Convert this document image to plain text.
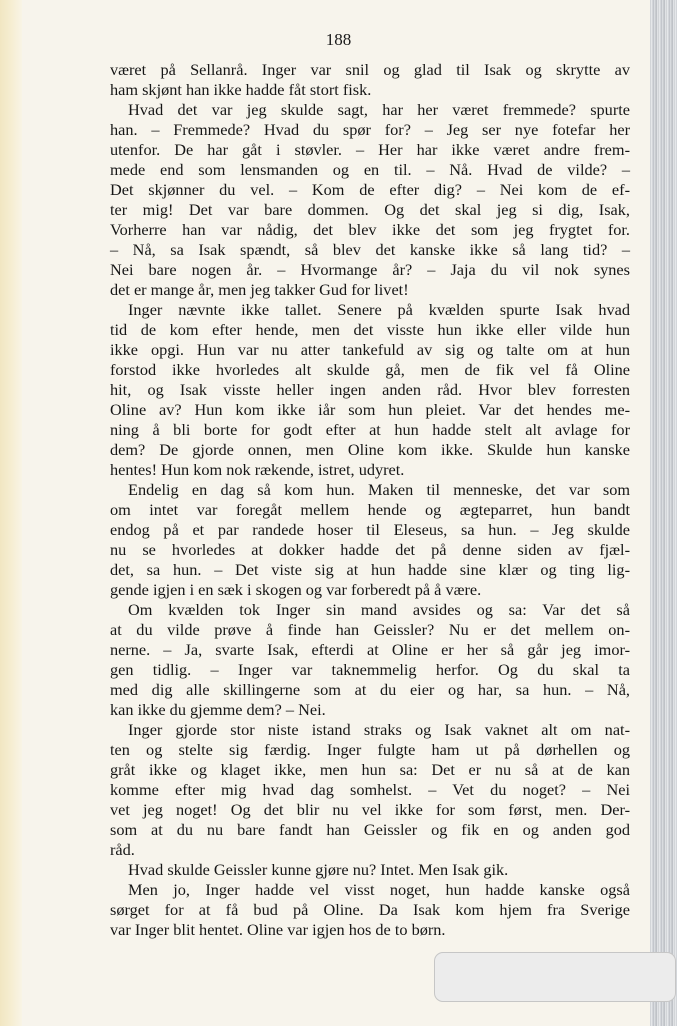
188

været på Sellanrå. Inger var snil og glad til Isak og skrytte av
ham skjønt han ikke hadde fåt stort fisk.
Hvad det var jeg skulde sagt, har her været fremmede? spurte
han. – Fremmede? Hvad du spør for? – Jeg ser nye fotefar her
utenfor. De har gåt i støvler. – Her har ikke været andre frem-
mede end som lensmanden og en til. – Nå. Hvad de vilde? –
Det skjønner du vel. – Kom de efter dig? – Nei kom de ef-
ter mig! Det var bare dommen. Og det skal jeg si dig, Isak,
Vorherre han var nådig, det blev ikke det som jeg frygtet for.
– Nå, sa Isak spændt, så blev det kanske ikke så lang tid? –
Nei bare nogen år. – Hvormange år? – Jaja du vil nok synes
det er mange år, men jeg takker Gud for livet!
Inger nævnte ikke tallet. Senere på kvælden spurte Isak hvad
tid de kom efter hende, men det visste hun ikke eller vilde hun
ikke opgi. Hun var nu atter tankefuld av sig og talte om at hun
forstod ikke hvorledes alt skulde gå, men de fik vel få Oline
hit, og Isak visste heller ingen anden råd. Hvor blev forresten
Oline av? Hun kom ikke iår som hun pleiet. Var det hendes me-
ning å bli borte for godt efter at hun hadde stelt alt avlage for
dem? De gjorde onnen, men Oline kom ikke. Skulde hun kanske
hentes! Hun kom nok rækende, istret, udyret.
Endelig en dag så kom hun. Maken til menneske, det var som
om intet var foregåt mellem hende og ægteparret, hun bandt
endog på et par randede hoser til Eleseus, sa hun. – Jeg skulde
nu se hvorledes at dokker hadde det på denne siden av fjæl-
det, sa hun. – Det viste sig at hun hadde sine klær og ting lig-
gende igjen i en sæk i skogen og var forberedt på å være.
Om kvælden tok Inger sin mand avsides og sa: Var det så
at du vilde prøve å finde han Geissler? Nu er det mellem on-
nerne. – Ja, svarte Isak, efterdi at Oline er her så går jeg imor-
gen tidlig. – Inger var taknemmelig herfor. Og du skal ta
med dig alle skillingerne som at du eier og har, sa hun. – Nå,
kan ikke du gjemme dem? – Nei.
Inger gjorde stor niste istand straks og Isak vaknet alt om nat-
ten og stelte sig færdig. Inger fulgte ham ut på dørhellen og
gråt ikke og klaget ikke, men hun sa: Det er nu så at de kan
komme efter mig hvad dag somhelst. – Vet du noget? – Nei
vet jeg noget! Og det blir nu vel ikke for som først, men. Der-
som at du nu bare fandt han Geissler og fik en og anden god
råd.
Hvad skulde Geissler kunne gjøre nu? Intet. Men Isak gik.
Men jo, Inger hadde vel visst noget, hun hadde kanske også
sørget for at få bud på Oline. Da Isak kom hjem fra Sverige
var Inger blit hentet. Oline var igjen hos de to børn.
